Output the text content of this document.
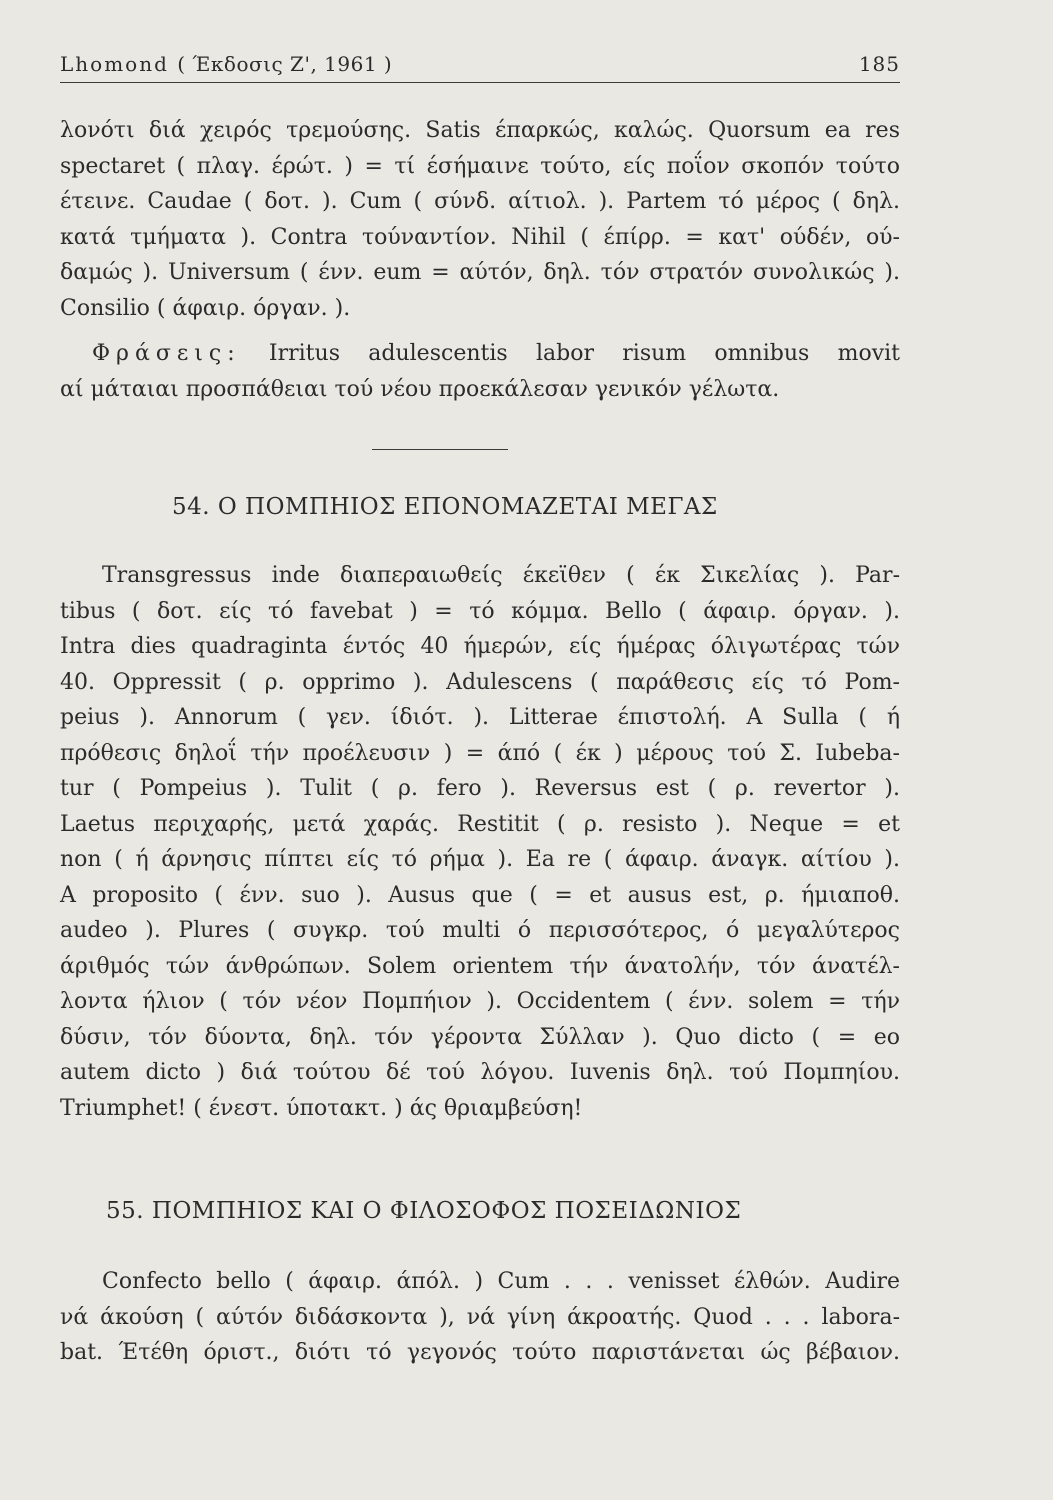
Lhomond ( Έκδοσις Ζ', 1961 )	185
λονότι διά χειρός τρεμούσης. Satis έπαρκώς, καλώς. Quorsum ea res
spectaret ( πλαγ. έρώτ. ) = τί έσήμαινε τούτο, είς ποΐον σκοπόν τούτο
έτεινε. Caudae ( δοτ. ). Cum ( σύνδ. αίτιολ. ). Partem τό μέρος ( δηλ.
κατά τμήματα ). Contra τούναντίον. Nihil ( έπίρρ. = κατ' ούδέν, ού-
δαμώς ). Universum ( ένν. eum = αύτόν, δηλ. τόν στρατόν συνολικώς ).
Consilio ( άφαιρ. όργαν. ).
Φράσεις: Irritus adulescentis labor risum omnibus movit
αί μάταιαι προσπάθειαι τού νέου προεκάλεσαν γενικόν γέλωτα.
54. Ο ΠΟΜΠΗΙΟΣ ΕΠΟΝΟΜΑΖΕΤΑΙ ΜΕΓΑΣ
Transgressus inde διαπεραιωθείς έκεϊθεν ( έκ Σικελίας ). Par-
tibus ( δοτ. είς τό favebat ) = τό κόμμα. Bello ( άφαιρ. όργαν. ).
Intra dies quadraginta έντός 40 ήμερών, είς ήμέρας όλιγωτέρας τών
40. Oppressit ( ρ. opprimo ). Adulescens ( παράθεσις είς τό Pom-
peius ). Annorum ( γεν. ίδιότ. ). Litterae έπιστολή. A Sulla ( ή
πρόθεσις δηλοΐ τήν προέλευσιν ) = άπό ( έκ ) μέρους τού Σ. Iubeba-
tur ( Pompeius ). Tulit ( ρ. fero ). Reversus est ( ρ. revertor ).
Laetus περιχαρής, μετά χαράς. Restitit ( ρ. resisto ). Neque = et
non ( ή άρνησις πίπτει είς τό ρήμα ). Ea re ( άφαιρ. άναγκ. αίτίου ).
A proposito ( ένν. suo ). Ausus que ( = et ausus est, ρ. ήμιαποθ.
audeo ). Plures ( συγκρ. τού multi ό περισσότερος, ό μεγαλύτερος
άριθμός τών άνθρώπων. Solem orientem τήν άνατολήν, τόν άνατέλ-
λοντα ήλιον ( τόν νέον Πομπήιον ). Occidentem ( ένν. solem = τήν
δύσιν, τόν δύοντα, δηλ. τόν γέροντα Σύλλαν ). Quo dicto ( = eo
autem dicto ) διά τούτου δέ τού λόγου. Iuvenis δηλ. τού Πομπηίου.
Triumphet! ( ένεστ. ύποτακτ. ) άς θριαμβεύση!
55. ΠΟΜΠΗΙΟΣ ΚΑΙ Ο ΦΙΛΟΣΟΦΟΣ ΠΟΣΕΙΔΩΝΙΟΣ
Confecto bello ( άφαιρ. άπόλ. ) Cum . . . venisset έλθών. Audire
νά άκούση ( αύτόν διδάσκοντα ), νά γίνη άκροατής. Quod . . . labora-
bat. Έτέθη όριστ., διότι τό γεγονός τούτο παριστάνεται ώς βέβαιον.
